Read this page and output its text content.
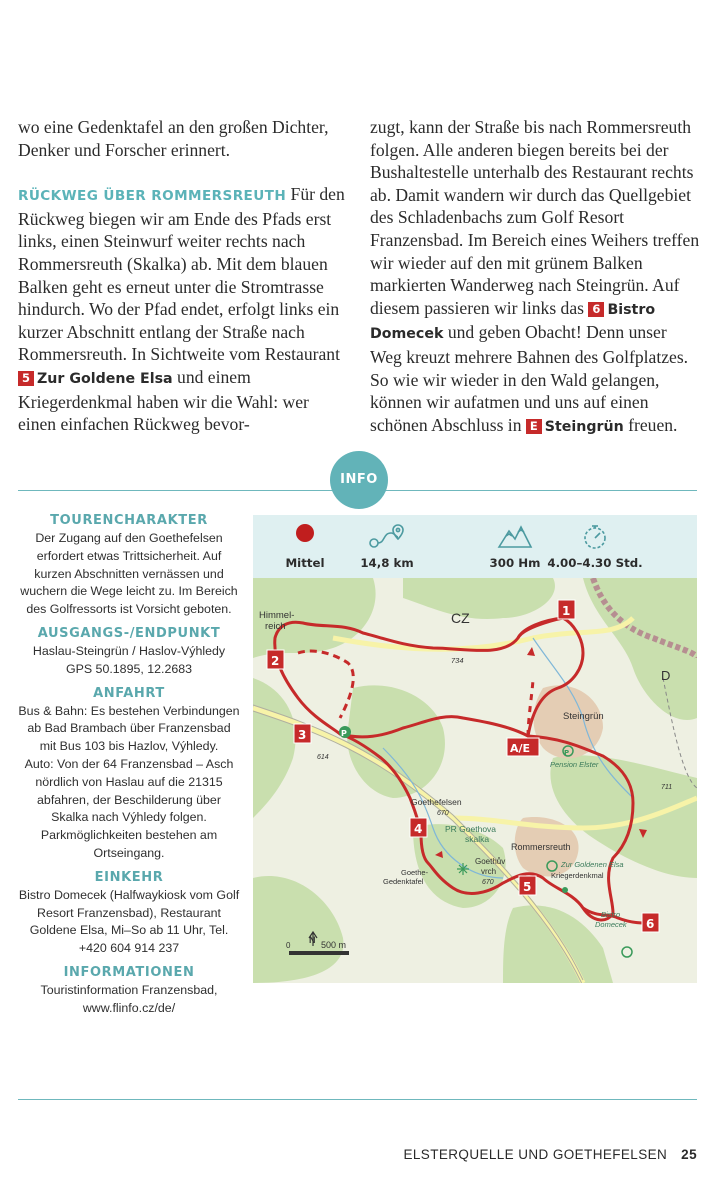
wo eine Gedenktafel an den großen Dichter, Denker und Forscher erinnert.

RÜCKWEG ÜBER ROMMERSREUTH Für den Rückweg biegen wir am Ende des Pfads erst links, einen Steinwurf weiter rechts nach Rommersreuth (Skalka) ab. Mit dem blauen Balken geht es erneut unter die Stromtrasse hindurch. Wo der Pfad endet, erfolgt links ein kurzer Abschnitt entlang der Straße nach Rommersreuth. In Sichtweite vom Restaurant 5 Zur Goldene Elsa und einem Kriegerdenkmal haben wir die Wahl: wer einen einfachen Rückweg bevor-

zugt, kann der Straße bis nach Rommersreuth folgen. Alle anderen biegen bereits bei der Bushaltestelle unterhalb des Restaurant rechts ab. Damit wandern wir durch das Quellgebiet des Schladenbachs zum Golf Resort Franzensbad. Im Bereich eines Weihers treffen wir wieder auf den mit grünem Balken markierten Wanderweg nach Steingrün. Auf diesem passieren wir links das 6 Bistro Domecek und geben Obacht! Denn unser Weg kreuzt mehrere Bahnen des Golfplatzes. So wie wir wieder in den Wald gelangen, können wir aufatmen und uns auf einen schönen Abschluss in E Steingrün freuen.

INFO
TOURENCHARAKTER

Der Zugang auf den Goethefelsen erfordert etwas Trittsicherheit. Auf kurzen Abschnitten vernässen und wuchern die Wege leicht zu. Im Bereich des Golfressorts ist Vorsicht geboten.

AUSGANGS-/ENDPUNKT

Haslau-Steingrün / Haslov-Výhledy

GPS 50.1895, 12.2683

ANFAHRT

Bus & Bahn: Es bestehen Verbindungen ab Bad Brambach über Franzensbad mit Bus 103 bis Hazlov, Výhledy.

Auto: Von der 64 Franzensbad – Asch nördlich von Haslau auf die 21315 abfahren, der Beschilderung über Skalka nach Výhledy folgen. Parkmöglichkeiten bestehen am Ortseingang.

EINKEHR

Bistro Domecek (Halfwaykiosk vom Golf Resort Franzensbad), Restaurant Goldene Elsa, Mi–So ab 11 Uhr, Tel. +420 604 914 237

INFORMATIONEN

Touristinformation Franzensbad,

www.flinfo.cz/de/

Mittel	14,8 km	300 Hm 4.00–4.30 Std.
P
P
Himmel-
reich
CZ
D
734
Steingrün
Pension Elster
614
Goethefelsen
670
PR Goethova
skalka
Rommersreuth
Zur Goldenen Elsa
Kriegerdenkmal
Goethův
vrch
670
Goethe-
Gedenktafel
Bistro
Domecek
711
0	500 m
N
1
2
3
4
5
6
A/E
ELSTERQUELLE UND GOETHEFELSEN 25
